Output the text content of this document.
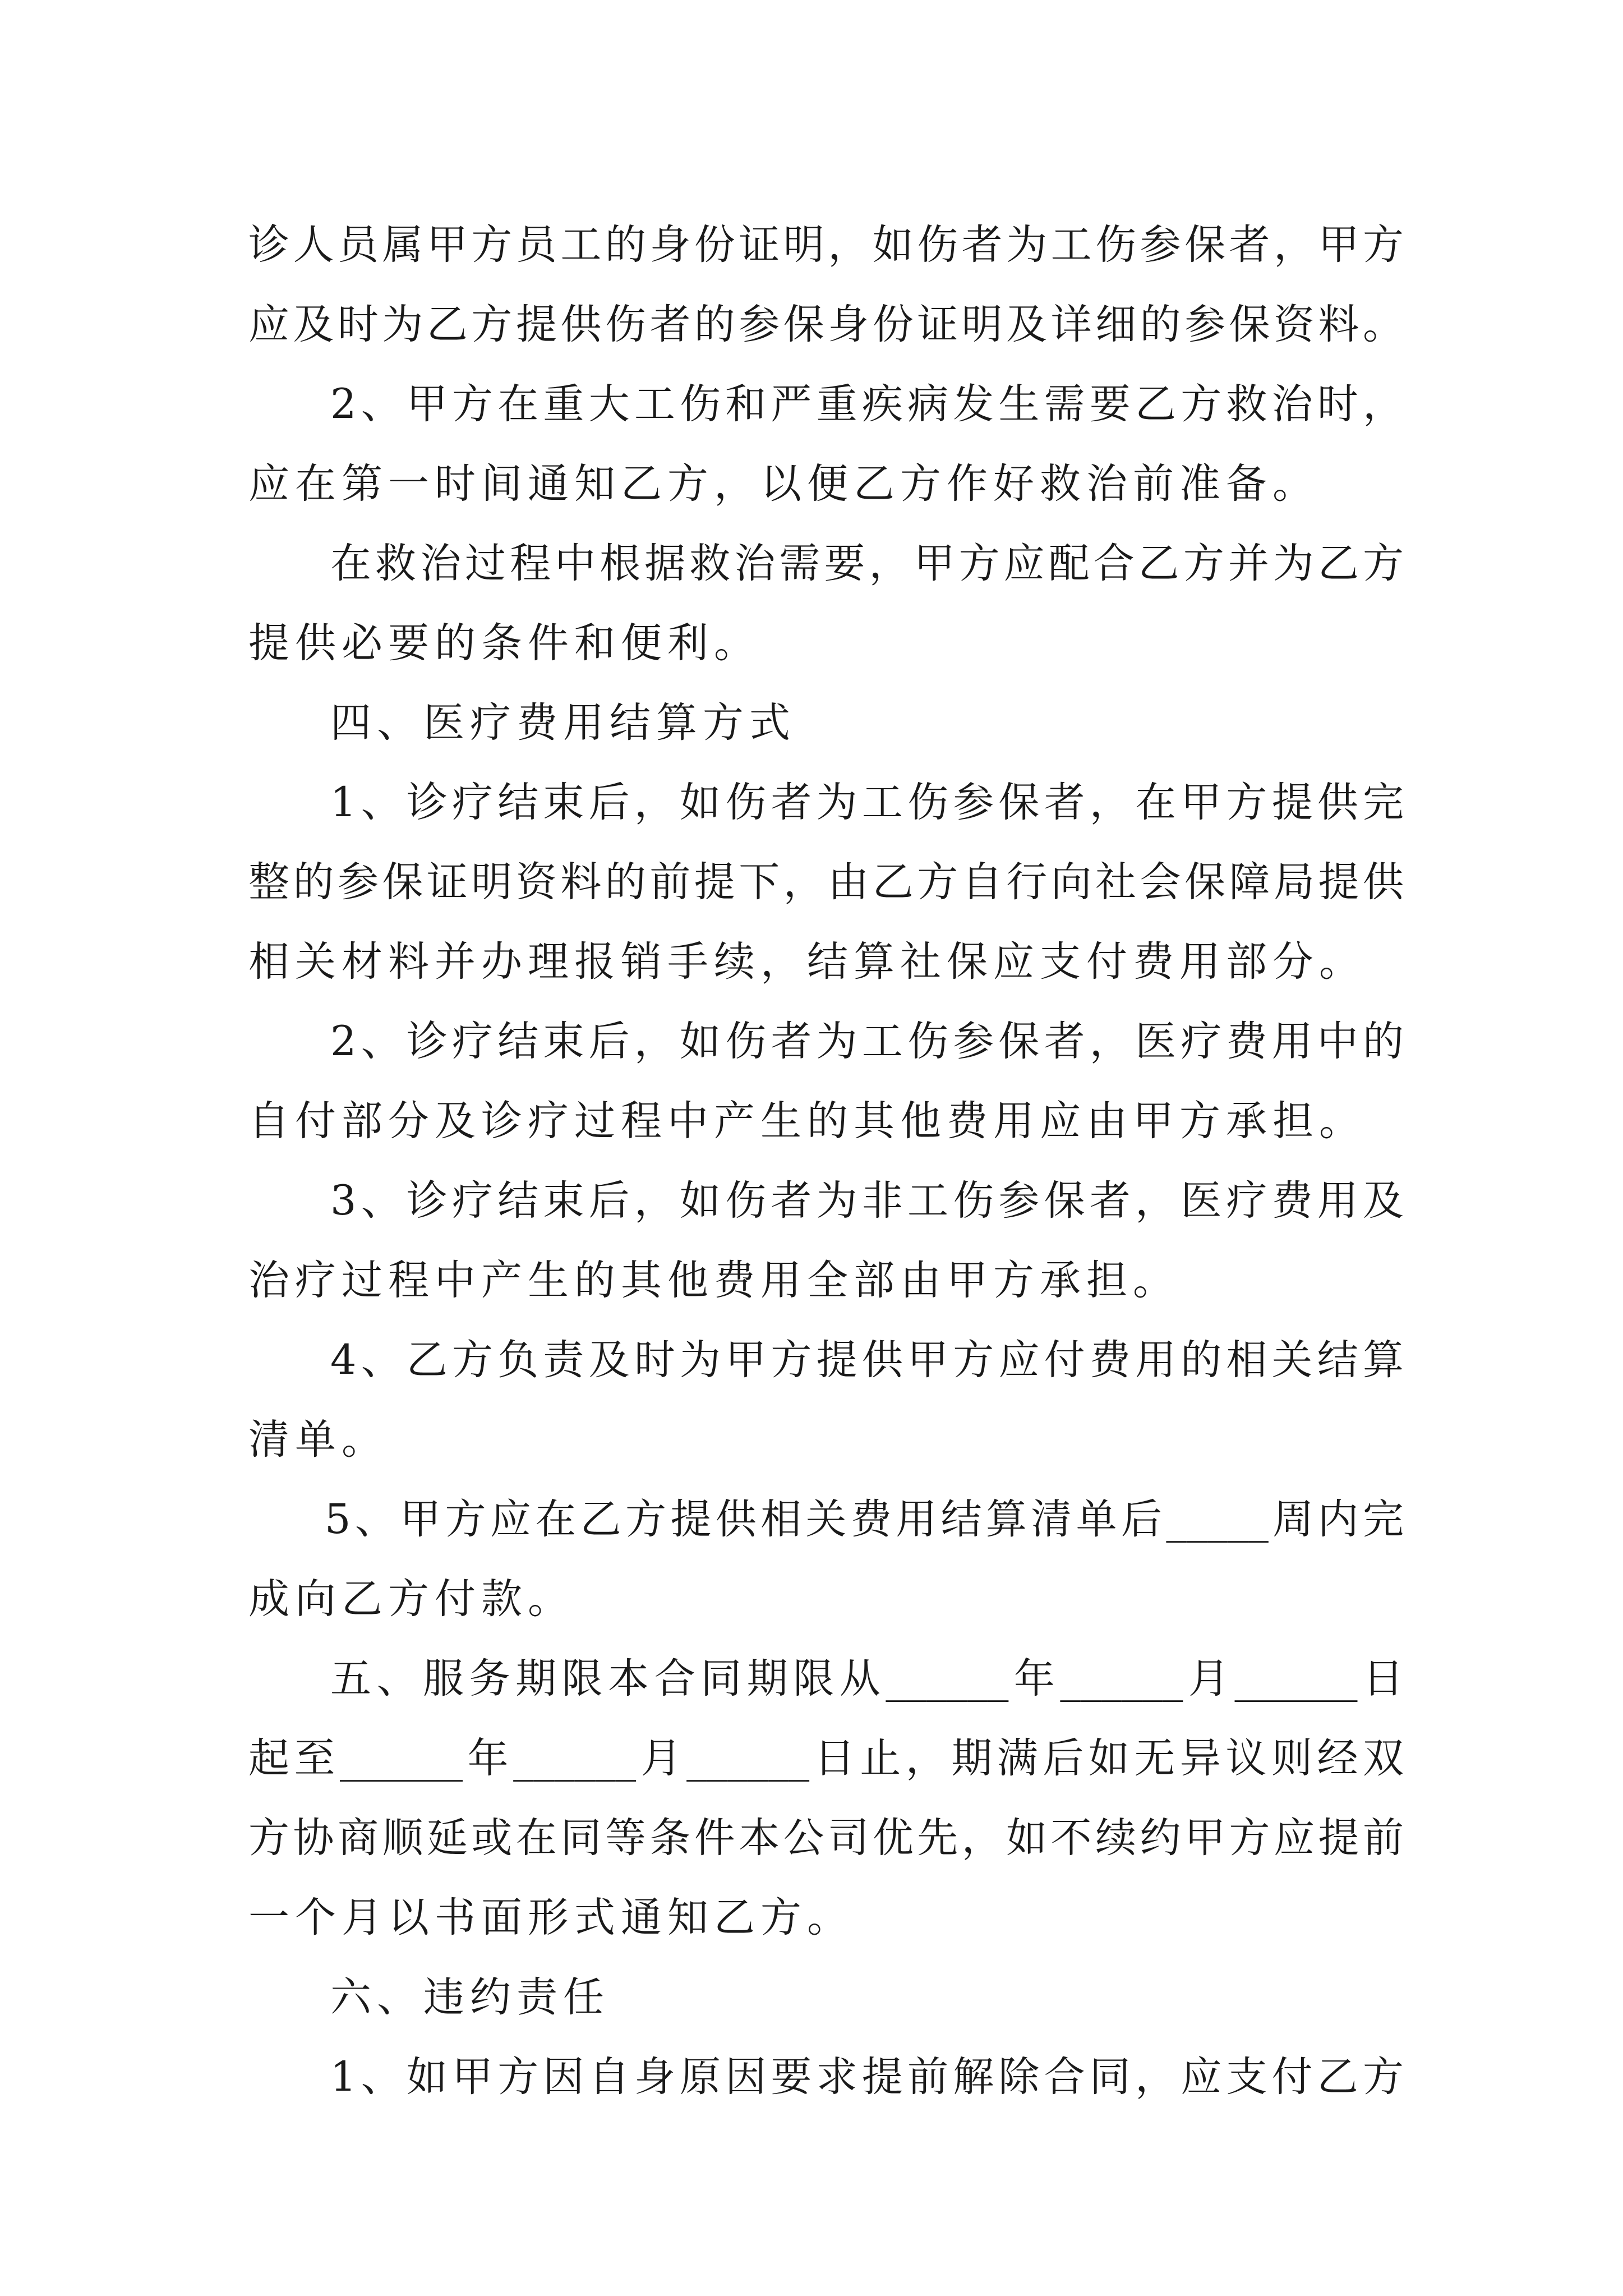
诊人员属甲方员工的身份证明，如伤者为工伤参保者，甲方
应及时为乙方提供伤者的参保身份证明及详细的参保资料。
2、甲方在重大工伤和严重疾病发生需要乙方救治时，
应在第一时间通知乙方，以便乙方作好救治前准备。
在救治过程中根据救治需要，甲方应配合乙方并为乙方
提供必要的条件和便利。
四、医疗费用结算方式
1、诊疗结束后，如伤者为工伤参保者，在甲方提供完
整的参保证明资料的前提下，由乙方自行向社会保障局提供
相关材料并办理报销手续，结算社保应支付费用部分。
2、诊疗结束后，如伤者为工伤参保者，医疗费用中的
自付部分及诊疗过程中产生的其他费用应由甲方承担。
3、诊疗结束后，如伤者为非工伤参保者，医疗费用及
治疗过程中产生的其他费用全部由甲方承担。
4、乙方负责及时为甲方提供甲方应付费用的相关结算
清单。
5、甲方应在乙方提供相关费用结算清单后_____周内完
成向乙方付款。
五、服务期限本合同期限从______年______月______日
起至______年______月______日止，期满后如无异议则经双
方协商顺延或在同等条件本公司优先，如不续约甲方应提前
一个月以书面形式通知乙方。
六、违约责任
1、如甲方因自身原因要求提前解除合同，应支付乙方
